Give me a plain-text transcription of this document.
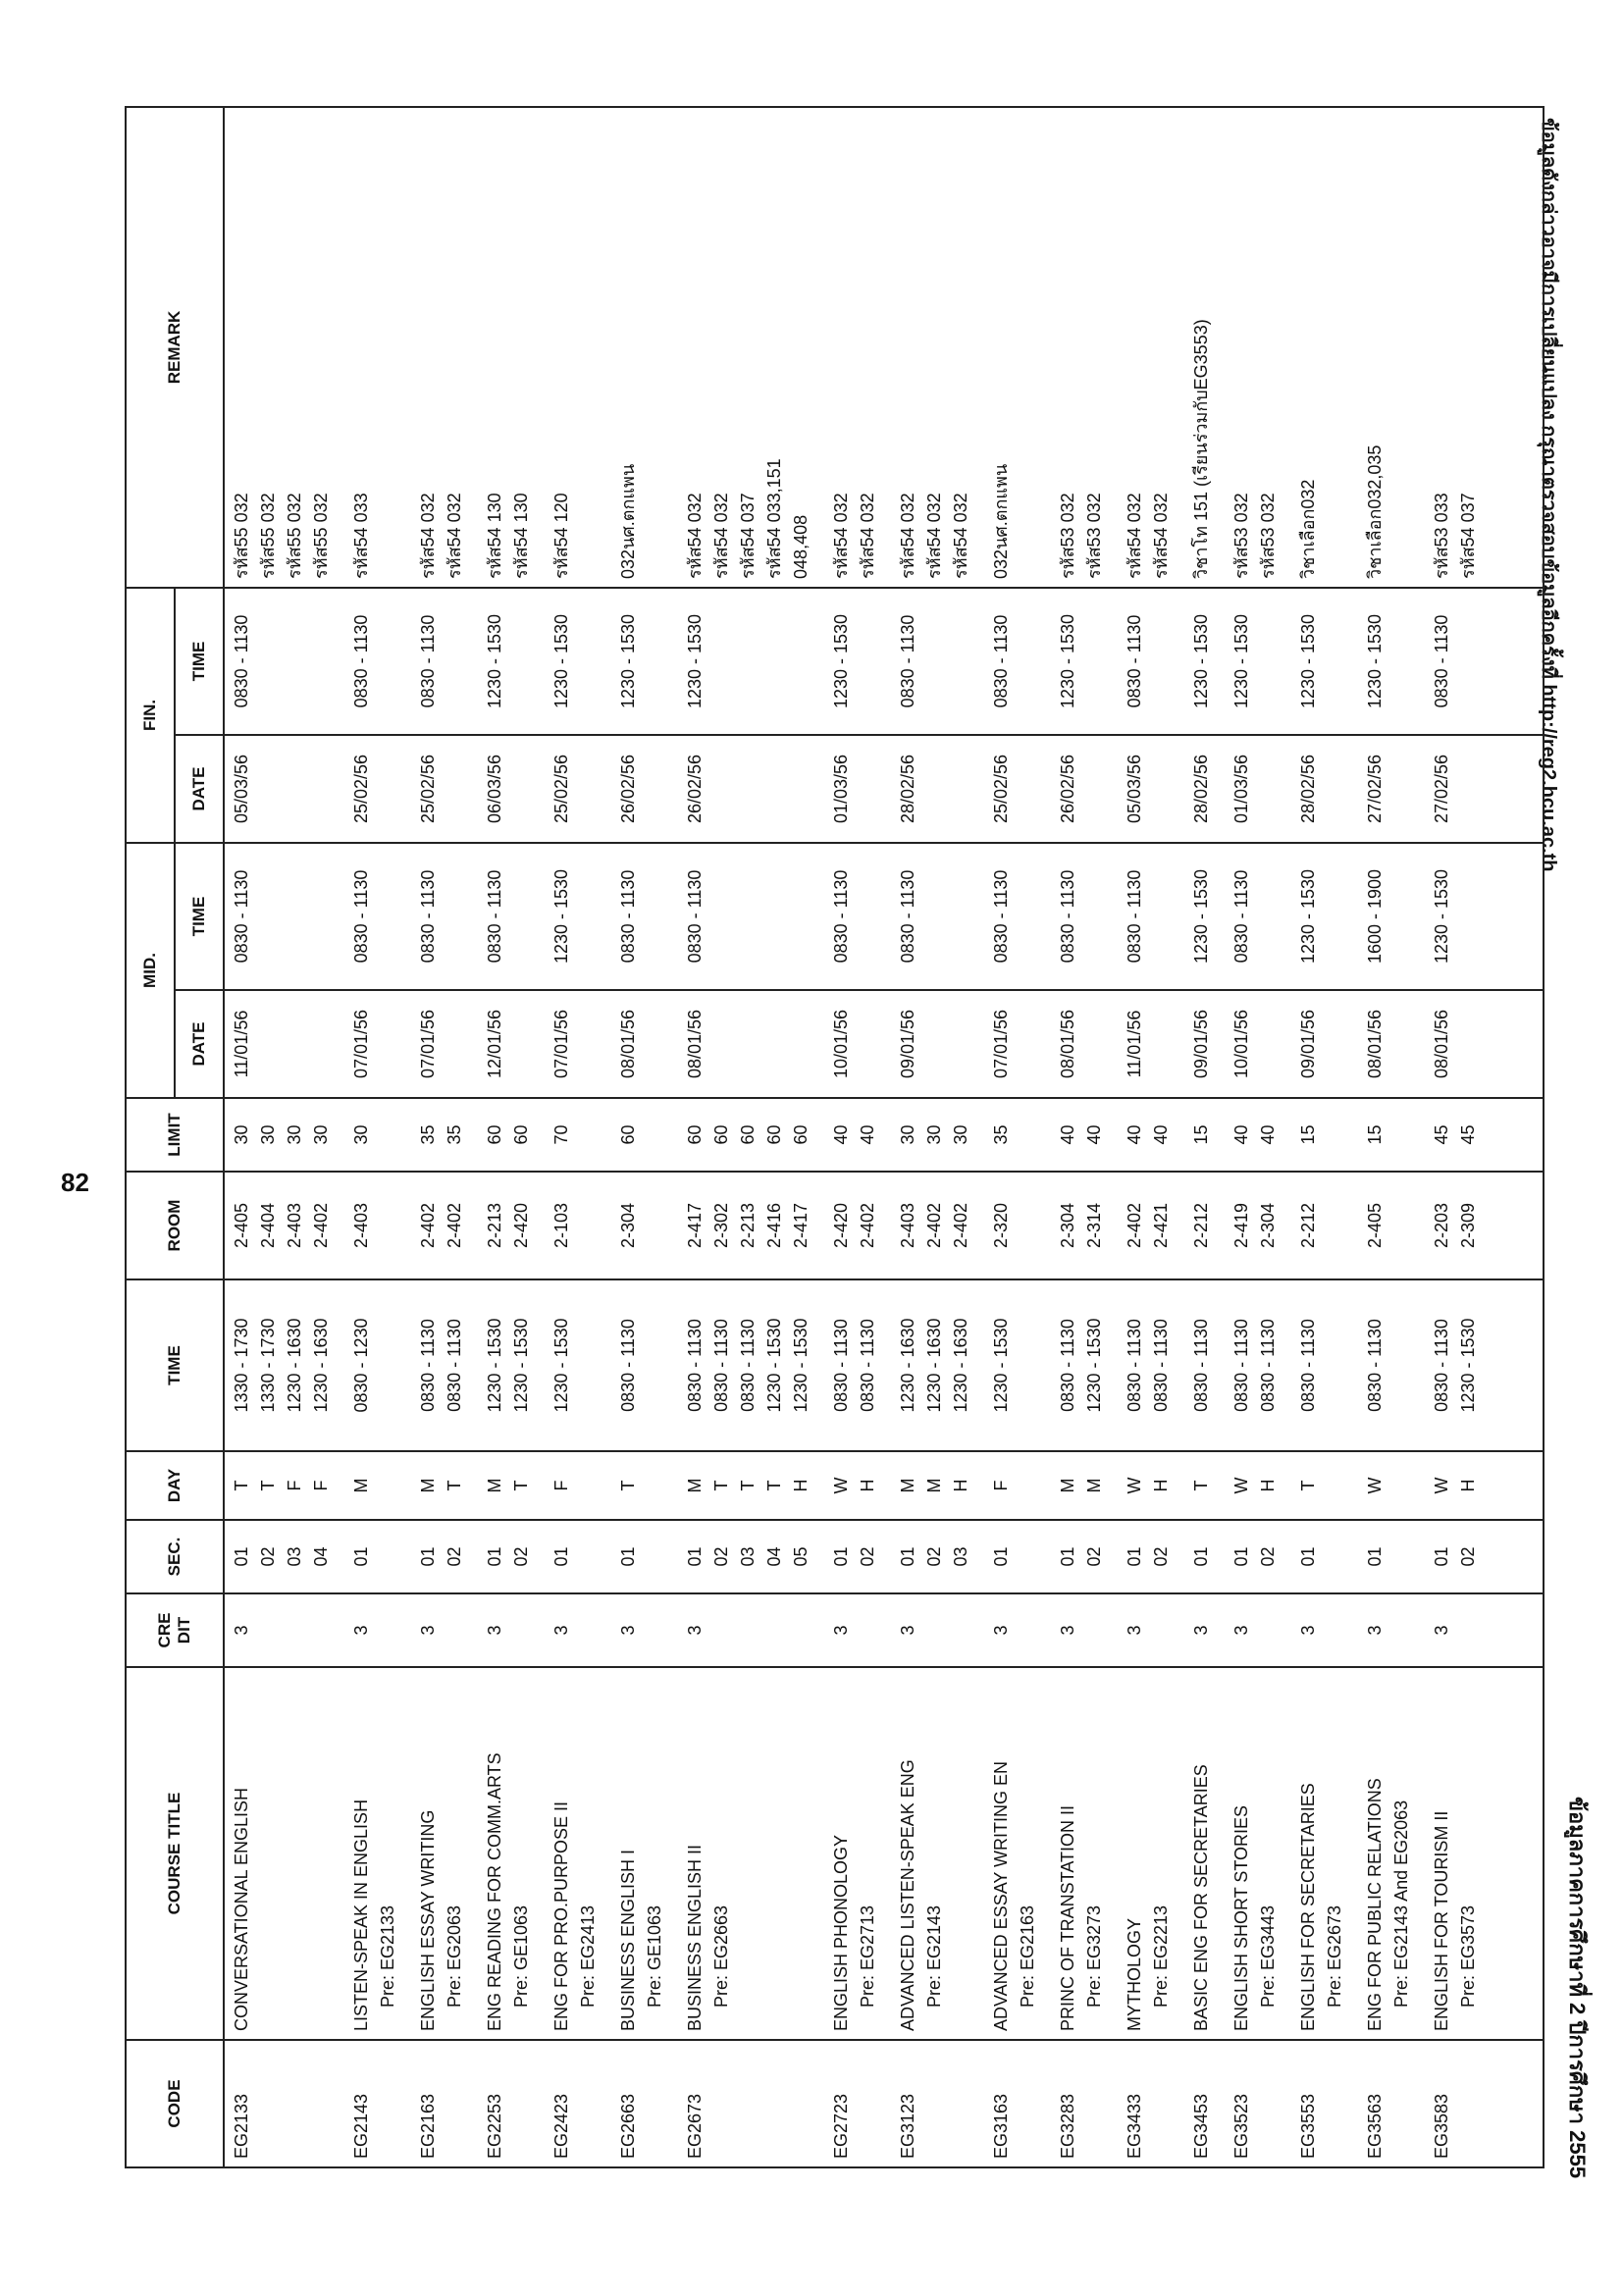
82
ข้อมูลภาคการศึกษาที่ 2 ปีการศึกษา 2555
ข้อมูลดังกล่าวอาจมีการเปลี่ยนแปลง กรุณาตรวจสอบข้อมูลอีกครั้งที่ http://reg2.hcu.ac.th
CODE	COURSE TITLE	CRE DIT	SEC.	DAY	TIME	ROOM	LIMIT	MID.		FIN.		REMARK
								DATE	TIME	DATE	TIME	

EG2133	CONVERSATIONAL ENGLISH	3	01 02 03 04	T T F F	1330 - 1730 1330 - 1730 1230 - 1630 1230 - 1630	2-405 2-404 2-403 2-402	30 30 30 30	11/01/56	0830 - 1130	05/03/56	0830 - 1130	รหัส55 032 รหัส55 032 รหัส55 032 รหัส55 032

EG2143	LISTEN-SPEAK IN ENGLISH Pre: EG2133	3	01	M	0830 - 1230	2-403	30	07/01/56	0830 - 1130	25/02/56	0830 - 1130	รหัส54 033

EG2163	ENGLISH ESSAY WRITING Pre: EG2063	3	01 02	M T	0830 - 1130 0830 - 1130	2-402 2-402	35 35	07/01/56	0830 - 1130	25/02/56	0830 - 1130	รหัส54 032 รหัส54 032

EG2253	ENG READING FOR COMM.ARTS Pre: GE1063	3	01 02	M T	1230 - 1530 1230 - 1530	2-213 2-420	60 60	12/01/56	0830 - 1130	06/03/56	1230 - 1530	รหัส54 130 รหัส54 130

EG2423	ENG FOR PRO.PURPOSE II Pre: EG2413	3	01	F	1230 - 1530	2-103	70	07/01/56	1230 - 1530	25/02/56	1230 - 1530	รหัส54 120

EG2663	BUSINESS ENGLISH I Pre: GE1063	3	01	T	0830 - 1130	2-304	60	08/01/56	0830 - 1130	26/02/56	1230 - 1530	032นศ.ตกแพน

EG2673	BUSINESS ENGLISH II Pre: EG2663	3	01 02 03 04 05	M T T T H	0830 - 1130 0830 - 1130 0830 - 1130 1230 - 1530 1230 - 1530	2-417 2-302 2-213 2-416 2-417	60 60 60 60 60	08/01/56	0830 - 1130	26/02/56	1230 - 1530	รหัส54 032 รหัส54 032 รหัส54 037 รหัส54 033,151 048,408

EG2723	ENGLISH PHONOLOGY Pre: EG2713	3	01 02	W H	0830 - 1130 0830 - 1130	2-420 2-402	40 40	10/01/56	0830 - 1130	01/03/56	1230 - 1530	รหัส54 032 รหัส54 032

EG3123	ADVANCED LISTEN-SPEAK ENG Pre: EG2143	3	01 02 03	M M H	1230 - 1630 1230 - 1630 1230 - 1630	2-403 2-402 2-402	30 30 30	09/01/56	0830 - 1130	28/02/56	0830 - 1130	รหัส54 032 รหัส54 032 รหัส54 032

EG3163	ADVANCED ESSAY WRITING EN Pre: EG2163	3	01	F	1230 - 1530	2-320	35	07/01/56	0830 - 1130	25/02/56	0830 - 1130	032นศ.ตกแพน

EG3283	PRINC OF TRANSTATION II Pre: EG3273	3	01 02	M M	0830 - 1130 1230 - 1530	2-304 2-314	40 40	08/01/56	0830 - 1130	26/02/56	1230 - 1530	รหัส53 032 รหัส53 032

EG3433	MYTHOLOGY Pre: EG2213	3	01 02	W H	0830 - 1130 0830 - 1130	2-402 2-421	40 40	11/01/56	0830 - 1130	05/03/56	0830 - 1130	รหัส54 032 รหัส54 032

EG3453	BASIC ENG FOR SECRETARIES	3	01	T	0830 - 1130	2-212	15	09/01/56	1230 - 1530	28/02/56	1230 - 1530	วิชาโท 151 (เรียนร่วมกับEG3553)

EG3523	ENGLISH SHORT STORIES Pre: EG3443	3	01 02	W H	0830 - 1130 0830 - 1130	2-419 2-304	40 40	10/01/56	0830 - 1130	01/03/56	1230 - 1530	รหัส53 032 รหัส53 032

EG3553	ENGLISH FOR SECRETARIES Pre: EG2673	3	01	T	0830 - 1130	2-212	15	09/01/56	1230 - 1530	28/02/56	1230 - 1530	วิชาเลือก032

EG3563	ENG FOR PUBLIC RELATIONS Pre: EG2143 And EG2063	3	01	W	0830 - 1130	2-405	15	08/01/56	1600 - 1900	27/02/56	1230 - 1530	วิชาเลือก032,035

EG3583	ENGLISH FOR TOURISM II Pre: EG3573	3	01 02	W H	0830 - 1130 1230 - 1530	2-203 2-309	45 45	08/01/56	1230 - 1530	27/02/56	0830 - 1130	รหัส53 033 รหัส54 037
